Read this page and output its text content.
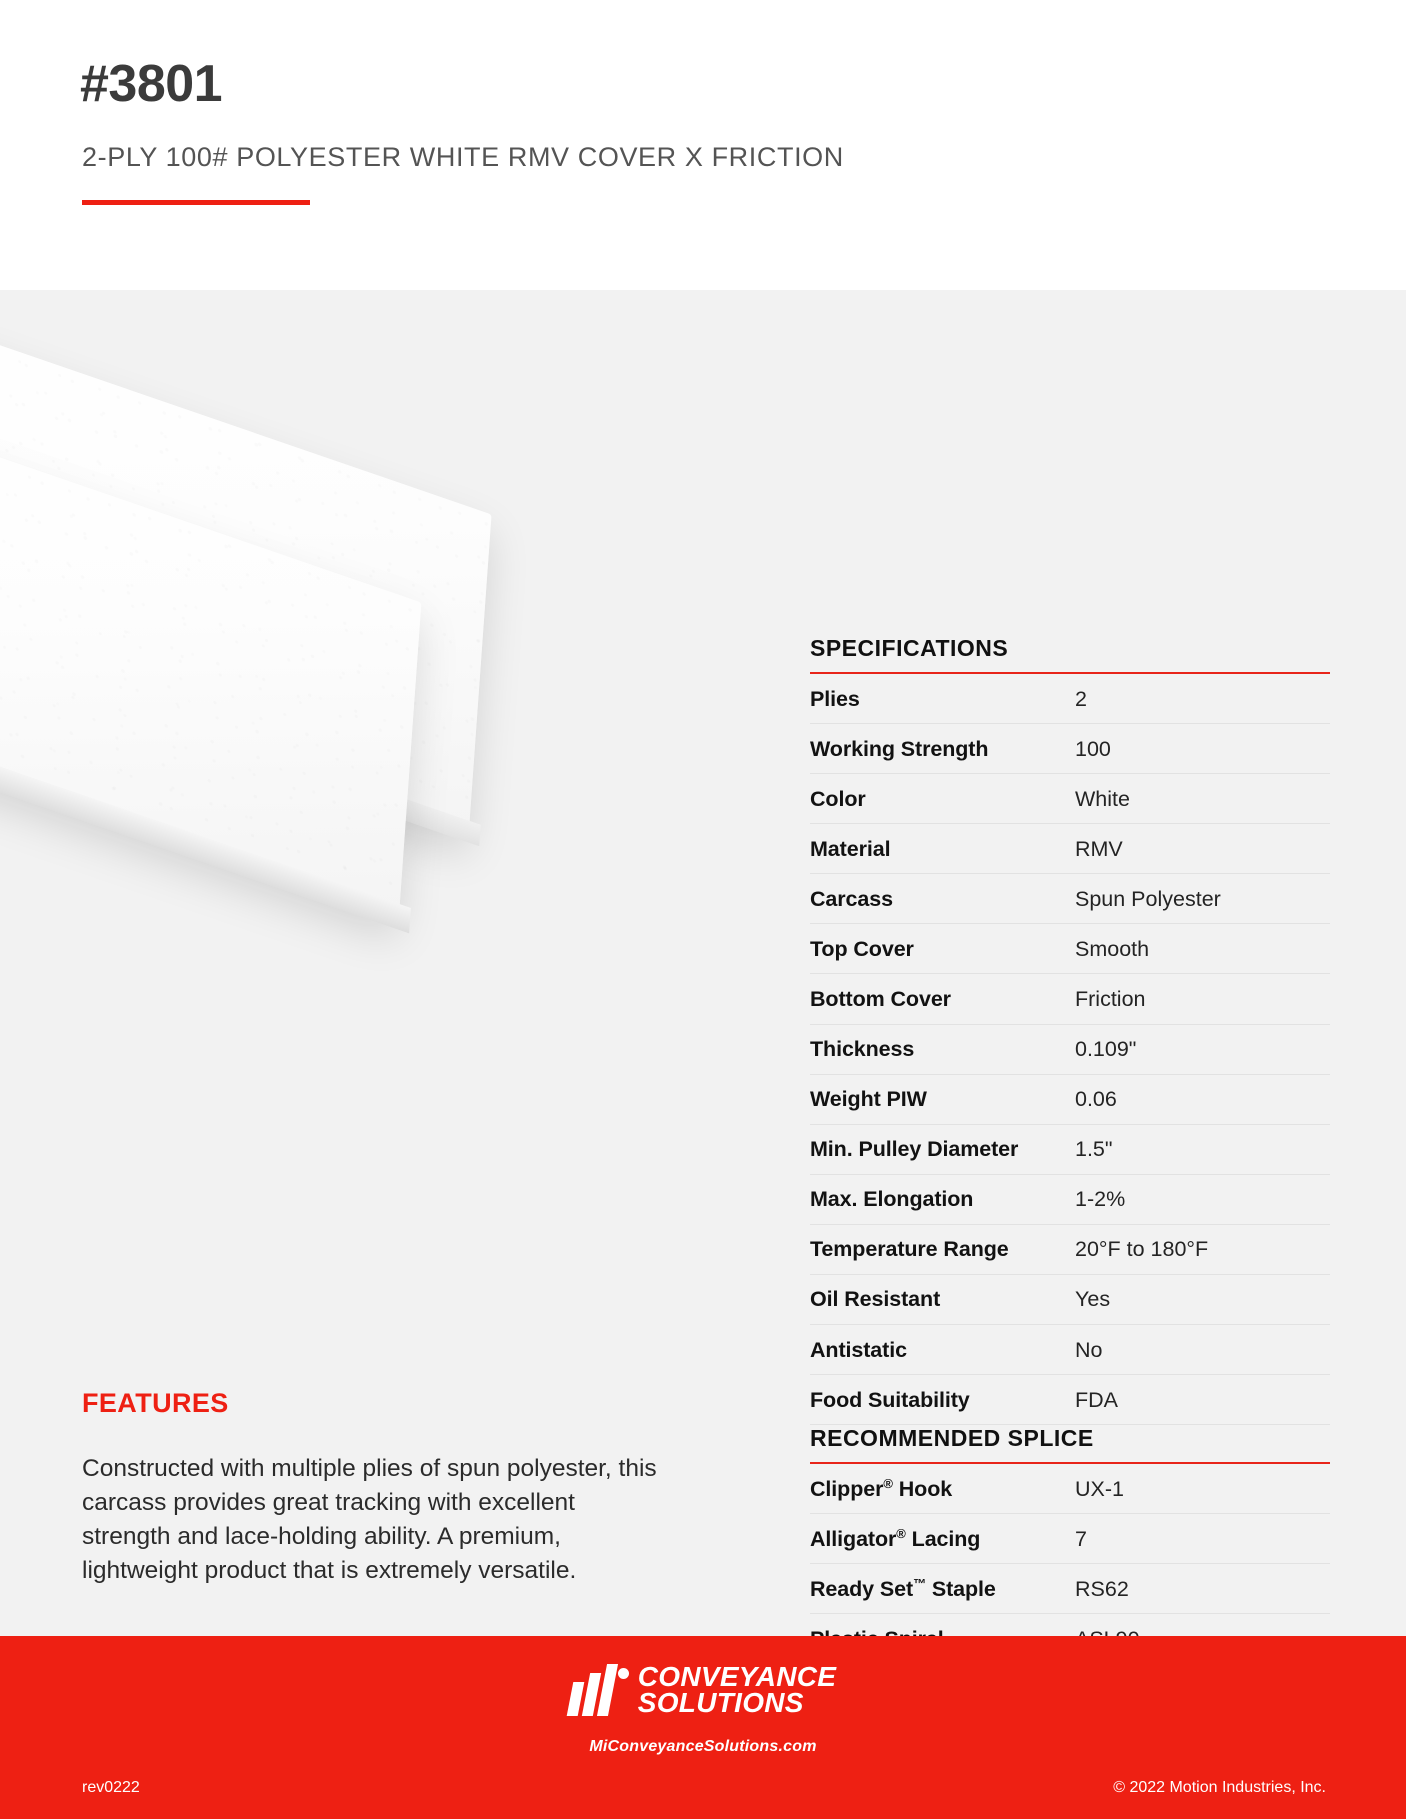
#3801
2-PLY 100# POLYESTER WHITE RMV COVER X FRICTION
FEATURES
Constructed with multiple plies of spun polyester, this carcass provides great tracking with excellent strength and lace-holding ability. A premium, lightweight product that is extremely versatile.
•
•
SPECIFICATIONS
Plies	2
Working Strength	100
Color	White
Material	RMV
Carcass	Spun Polyester
Top Cover	Smooth
Bottom Cover	Friction
Thickness	0.109"
Weight PIW	0.06
Min. Pulley Diameter	1.5"
Max. Elongation	1-2%
Temperature Range	20°F to 180°F
Oil Resistant	Yes
Antistatic	No
Food Suitability	FDA
RECOMMENDED SPLICE
Clipper® Hook	UX-1
Alligator® Lacing	7
Ready Set™ Staple	RS62

CONVEYANCE
SOLUTIONS
MiConveyanceSolutions.com
rev0222	© 2022 Motion Industries, Inc.
